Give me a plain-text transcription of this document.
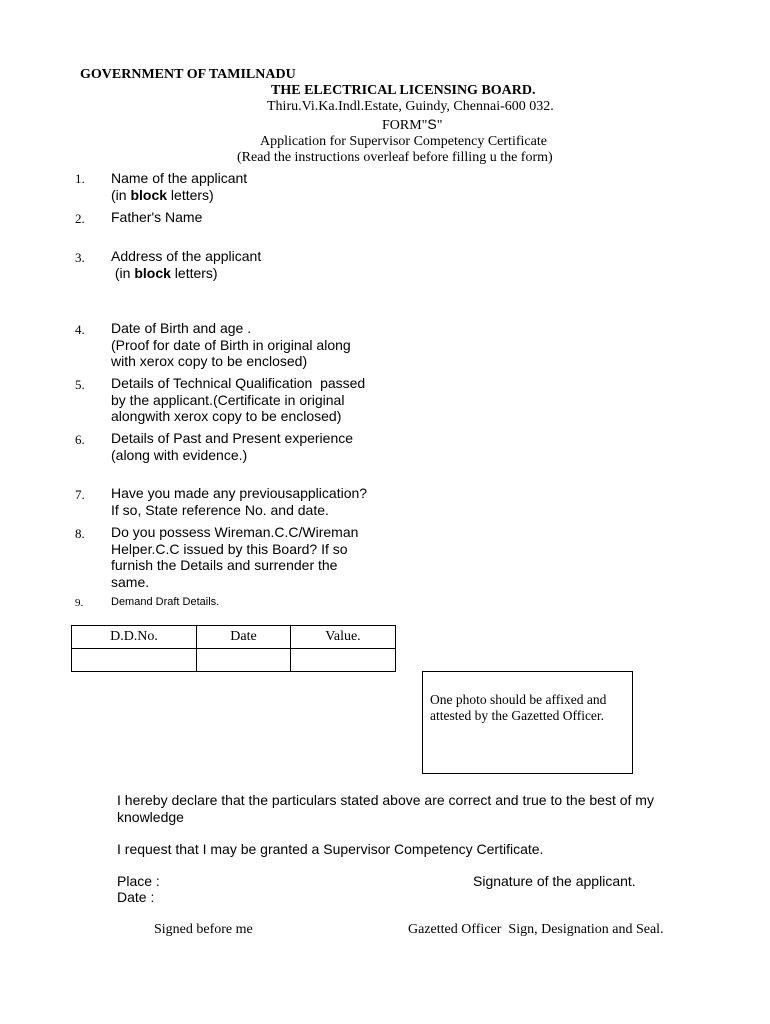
GOVERNMENT OF TAMILNADU
THE ELECTRICAL LICENSING BOARD.
Thiru.Vi.Ka.Indl.Estate, Guindy, Chennai-600 032.
FORM"S"
Application for Supervisor Competency Certificate
(Read the instructions overleaf before filling u the form)
1. Name of the applicant
(in block letters)
2. Father's Name
3. Address of the applicant
(in block letters)
4. Date of Birth and age .
(Proof for date of Birth in original along
with xerox copy to be enclosed)
5. Details of Technical Qualification  passed
by the applicant.(Certificate in original
alongwith xerox copy to be enclosed)
6. Details of Past and Present experience
(along with evidence.)
7. Have you made any previousapplication?
If so, State reference No. and date.
8. Do you possess Wireman.C.C/Wireman
Helper.C.C issued by this Board? If so
furnish the Details and surrender the
same.
9.	Demand Draft Details.
D.D.No.	Date	Value.

One photo should be affixed and
attested by the Gazetted Officer.
I hereby declare that the particulars stated above are correct and true to the best of my
knowledge
I request that I may be granted a Supervisor Competency Certificate.
Place :
Date :
Signature of the applicant.
Signed before me	Gazetted Officer  Sign, Designation and Seal.
